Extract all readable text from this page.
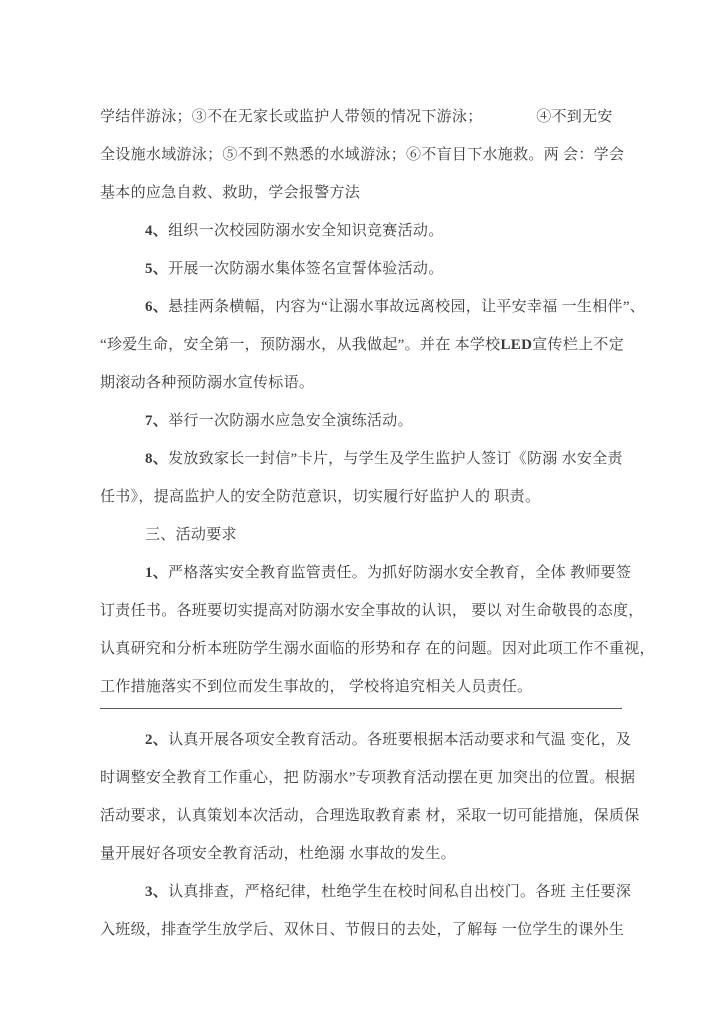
学结伴游泳；③不在无家长或监护人带领的情况下游泳；　　　　④不到无安
全设施水域游泳；⑤不到不熟悉的水域游泳；⑥不盲目下水施救。两 会：学会
基本的应急自救、救助，学会报警方法
4、组织一次校园防溺水安全知识竞赛活动。
5、开展一次防溺水集体签名宣誓体验活动。
6、悬挂两条横幅，内容为“让溺水事故远离校园，让平安幸福 一生相伴”、
“珍爱生命，安全第一，预防溺水，从我做起”。并在 本学校LED宣传栏上不定
期滚动各种预防溺水宣传标语。
7、举行一次防溺水应急安全演练活动。
8、发放致家长一封信”卡片，与学生及学生监护人签订《防溺 水安全责
任书》，提高监护人的安全防范意识，切实履行好监护人的 职责。
三、活动要求
1、严格落实安全教育监管责任。为抓好防溺水安全教育，全体 教师要签
订责任书。各班要切实提高对防溺水安全事故的认识， 要以 对生命敬畏的态度，
认真研究和分析本班防学生溺水面临的形势和存 在的问题。因对此项工作不重视，
工作措施落实不到位而发生事故的， 学校将追究相关人员责任。
2、认真开展各项安全教育活动。各班要根据本活动要求和气温 变化，及
时调整安全教育工作重心，把 防溺水”专项教育活动摆在更 加突出的位置。根据
活动要求，认真策划本次活动，合理选取教育素 材，采取一切可能措施，保质保
量开展好各项安全教育活动，杜绝溺 水事故的发生。
3、认真排查，严格纪律，杜绝学生在校时间私自出校门。各班 主任要深
入班级，排查学生放学后、双休日、节假日的去处，了解每 一位学生的课外生
